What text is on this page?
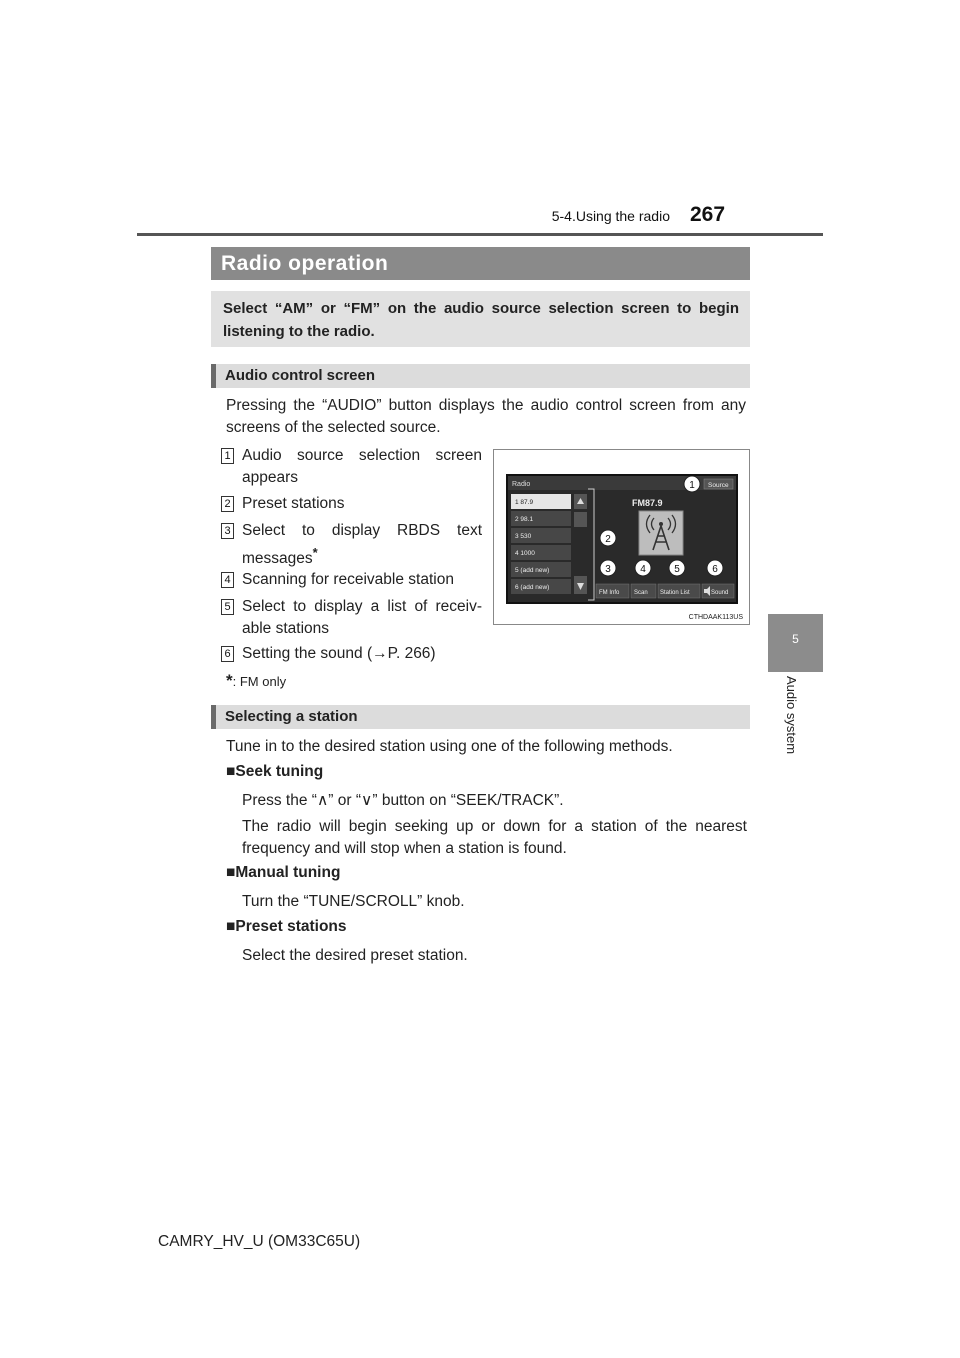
5-4.Using the radio 267
5
Audio system
Radio operation
Select “AM” or “FM” on the audio source selection screen to begin listening to the radio.
Audio control screen
Pressing the “AUDIO” button displays the audio control screen from any screens of the selected source.
1 Audio source selection screen appears
2 Preset stations
3 Select to display RBDS text messages*
4 Scanning for receivable station
5 Select to display a list of receiv-able stations
6 Setting the sound (→P. 266)
*: FM only
Radio	Source
1 87.9
2 98.1
3 530
4 1000
5 (add new)
6 (add new)
FM87.9
1
2
3	4	5	6
FM Info Scan Station List	Sound
CTHDAAK113US
Selecting a station
Tune in to the desired station using one of the following methods.
■Seek tuning
Press the “∧” or “∨” button on “SEEK/TRACK”.
The radio will begin seeking up or down for a station of the nearest frequency and will stop when a station is found.
■Manual tuning
Turn the “TUNE/SCROLL” knob.
■Preset stations
Select the desired preset station.
CAMRY_HV_U (OM33C65U)
